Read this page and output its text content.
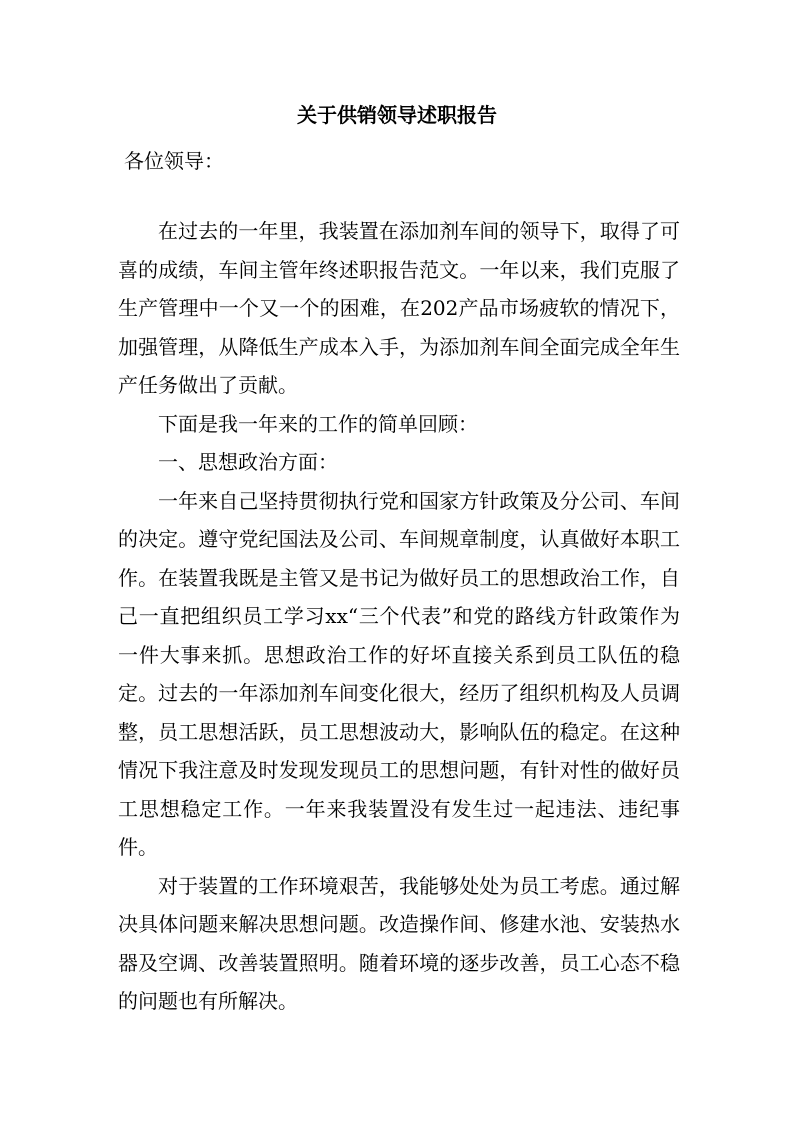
关于供销领导述职报告
各位领导：

在过去的一年里，我装置在添加剂车间的领导下，取得了可喜的成绩，车间主管年终述职报告范文。一年以来，我们克服了生产管理中一个又一个的困难，在202产品市场疲软的情况下，加强管理，从降低生产成本入手，为添加剂车间全面完成全年生产任务做出了贡献。

下面是我一年来的工作的简单回顾：

一、思想政治方面：

一年来自己坚持贯彻执行党和国家方针政策及分公司、车间的决定。遵守党纪国法及公司、车间规章制度，认真做好本职工作。在装置我既是主管又是书记为做好员工的思想政治工作，自己一直把组织员工学习xx“三个代表”和党的路线方针政策作为一件大事来抓。思想政治工作的好坏直接关系到员工队伍的稳定。过去的一年添加剂车间变化很大，经历了组织机构及人员调整，员工思想活跃，员工思想波动大，影响队伍的稳定。在这种情况下我注意及时发现发现员工的思想问题，有针对性的做好员工思想稳定工作。一年来我装置没有发生过一起违法、违纪事件。

对于装置的工作环境艰苦，我能够处处为员工考虑。通过解决具体问题来解决思想问题。改造操作间、修建水池、安装热水器及空调、改善装置照明。随着环境的逐步改善，员工心态不稳的问题也有所解决。
